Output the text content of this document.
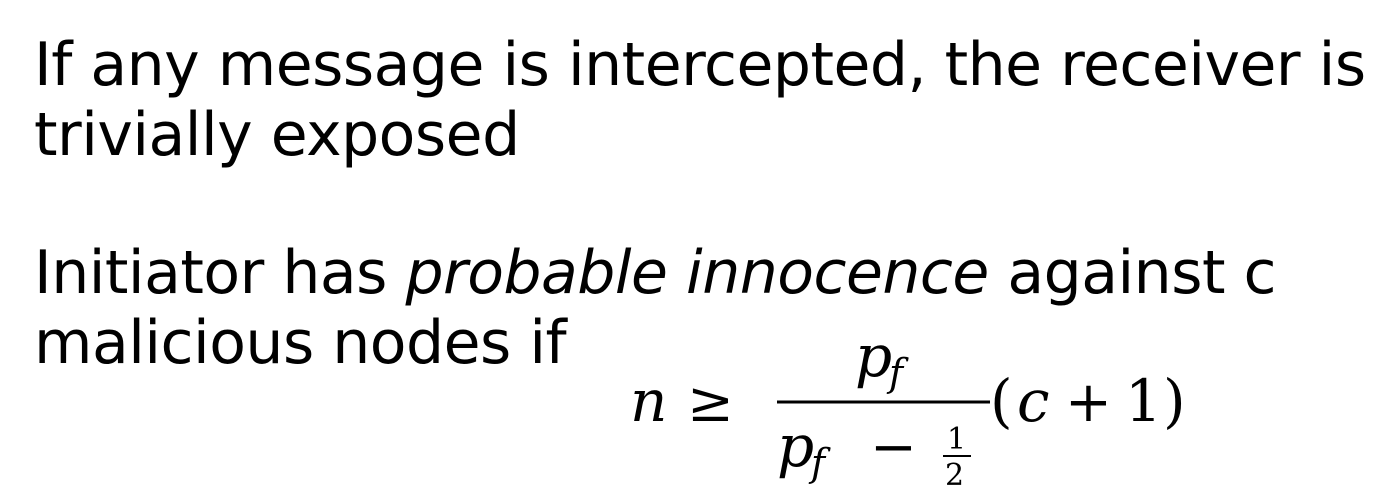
If any message is intercepted, the receiver is
trivially exposed

Initiator has probable innocence against c
malicious nodes if

n ≥
p
f
p
f − 1
2
( c + 1 )
